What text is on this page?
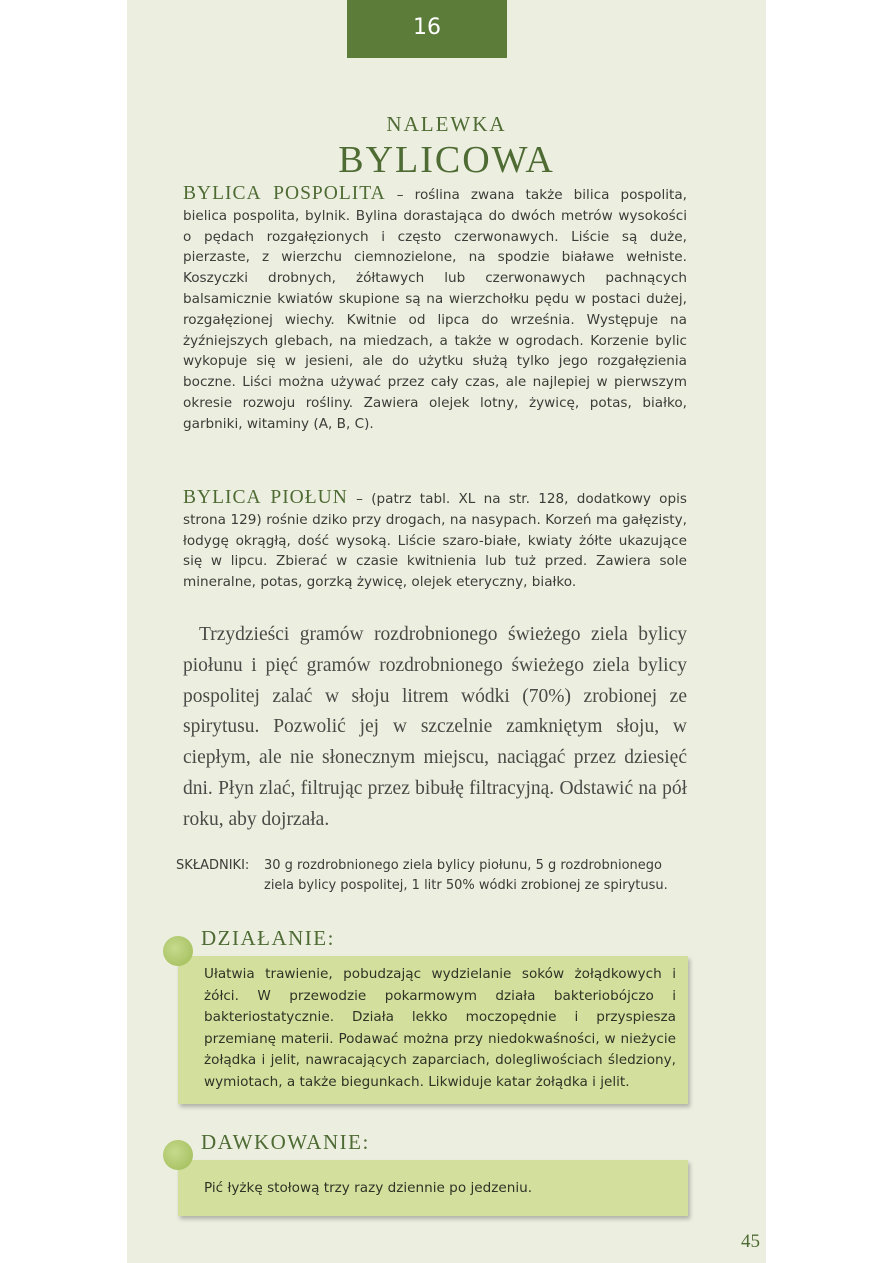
16
NALEWKA
BYLICOWA

BYLICA POSPOLITA – roślina zwana także bilica pospolita, bielica pospolita, bylnik. Bylina dorastająca do dwóch metrów wysokości o pędach rozgałęzionych i często czerwonawych. Liście są duże, pierzaste, z wierzchu ciemnozielone, na spodzie białawe wełniste. Koszyczki drobnych, żółtawych lub czerwonawych pachnących balsamicznie kwiatów skupione są na wierzchołku pędu w postaci dużej, rozgałęzionej wiechy. Kwitnie od lipca do września. Występuje na żyźniejszych glebach, na miedzach, a także w ogrodach. Korzenie bylic wykopuje się w jesieni, ale do użytku służą tylko jego rozgałęzienia boczne. Liści można używać przez cały czas, ale najlepiej w pierwszym okresie rozwoju rośliny. Zawiera olejek lotny, żywicę, potas, białko, garbniki, witaminy (A, B, C).

BYLICA PIOŁUN – (patrz tabl. XL na str. 128, dodatkowy opis strona 129) rośnie dziko przy drogach, na nasypach. Korzeń ma gałęzisty, łodygę okrągłą, dość wysoką. Liście szaro-białe, kwiaty żółte ukazujące się w lipcu. Zbierać w czasie kwitnienia lub tuż przed. Zawiera sole mineralne, potas, gorzką żywicę, olejek eteryczny, białko.

Trzydzieści gramów rozdrobnionego świeżego ziela bylicy piołunu i pięć gramów rozdrobnionego świeżego ziela bylicy pospolitej zalać w słoju litrem wódki (70%) zrobionej ze spirytusu. Pozwolić jej w szczelnie zamkniętym słoju, w ciepłym, ale nie słonecznym miejscu, naciągać przez dziesięć dni. Płyn zlać, filtrując przez bibułę filtracyjną. Odstawić na pół roku, aby dojrzała.

SKŁADNIKI:	30 g rozdrobnionego ziela bylicy piołunu, 5 g rozdrobnionego ziela bylicy pospolitej, 1 litr 50% wódki zrobionej ze spirytusu.
DZIAŁANIE:

Ułatwia trawienie, pobudzając wydzielanie soków żołądkowych i żółci. W przewodzie pokarmowym działa bakteriobójczo i bakteriostatycznie. Działa lekko moczopędnie i przyspiesza przemianę materii. Podawać można przy niedokwaśności, w nieżycie żołądka i jelit, nawracających zaparciach, dolegliwościach śledziony, wymiotach, a także biegunkach. Likwiduje katar żołądka i jelit.

DAWKOWANIE:

Pić łyżkę stołową trzy razy dziennie po jedzeniu.

45
